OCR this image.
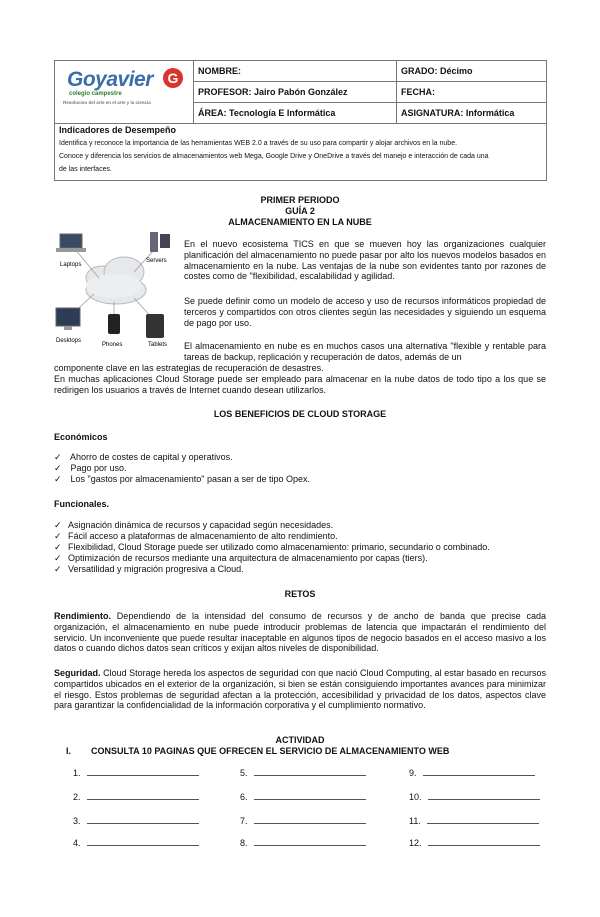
Goyavier G
colegio campestre
Resolucion del arte en el arte y la ciencia	NOMBRE:	GRADO: Décimo
	PROFESOR: Jairo Pabón González	FECHA:
	ÁREA: Tecnología E Informática	ASIGNATURA: Informática
Indicadores de Desempeño
Identifica y reconoce la importancia de las herramientas WEB 2.0 a través de su uso para compartir y alojar archivos en la nube.
Conoce y diferencia los servicios de almacenamientos web Mega, Google Drive y OneDrive a través del manejo e interacción de cada una
de las interfaces.
PRIMER PERIODO
GUÍA 2
ALMACENAMIENTO EN LA NUBE
Laptops
Servers
Desktops
Phones	Tablets
En el nuevo ecosistema TICS en que se mueven hoy las organizaciones cualquier planificación del almacenamiento no puede pasar por alto los nuevos modelos basados en almacenamiento en la nube. Las ventajas de la nube son evidentes tanto por razones de costes como de "flexibilidad, escalabilidad y agilidad.
Se puede definir como un modelo de acceso y uso de recursos informáticos propiedad de terceros y compartidos con otros clientes según las necesidades y siguiendo un esquema de pago por uso.
El almacenamiento en nube es en muchos casos una alternativa "flexible y rentable para tareas de backup, replicación y recuperación de datos, además de un
componente clave en las estrategias de recuperación de desastres.
En muchas aplicaciones Cloud Storage puede ser empleado para almacenar en la nube datos de todo tipo a los que se redirigen los usuarios a través de Internet cuando desean utilizarlos.
LOS BENEFICIOS DE CLOUD STORAGE
Económicos
✓ Ahorro de costes de capital y operativos.
✓ Pago por uso.
✓ Los "gastos por almacenamiento" pasan a ser de tipo Opex.
Funcionales.
✓ Asignación dinámica de recursos y capacidad según necesidades.
✓ Fácil acceso a plataformas de almacenamiento de alto rendimiento.
✓ Flexibilidad, Cloud Storage puede ser utilizado como almacenamiento: primario, secundario o combinado.
✓ Optimización de recursos mediante una arquitectura de almacenamiento por capas (tiers).
✓ Versatilidad y migración progresiva a Cloud.
RETOS
Rendimiento. Dependiendo de la intensidad del consumo de recursos y de ancho de banda que precise cada organización, el almacenamiento en nube puede introducir problemas de latencia que impactarán el rendimiento del servicio. Un inconveniente que puede resultar inaceptable en algunos tipos de negocio basados en el acceso masivo a los datos o cuando dichos datos sean críticos y exijan altos niveles de disponibilidad.
Seguridad. Cloud Storage hereda los aspectos de seguridad con que nació Cloud Computing, al estar basado en recursos compartidos ubicados en el exterior de la organización, si bien se están consiguiendo importantes avances para minimizar el riesgo. Estos problemas de seguridad afectan a la protección, accesibilidad y privacidad de los datos, aspectos clave para garantizar la confidencialidad de la información corporativa y el cumplimiento normativo.
ACTIVIDAD
I. CONSULTA 10 PAGINAS QUE OFRECEN EL SERVICIO DE ALMACENAMIENTO WEB
1.	5.	9.
2.	6.	10.
3.	7.	11.
4.	8.	12.
